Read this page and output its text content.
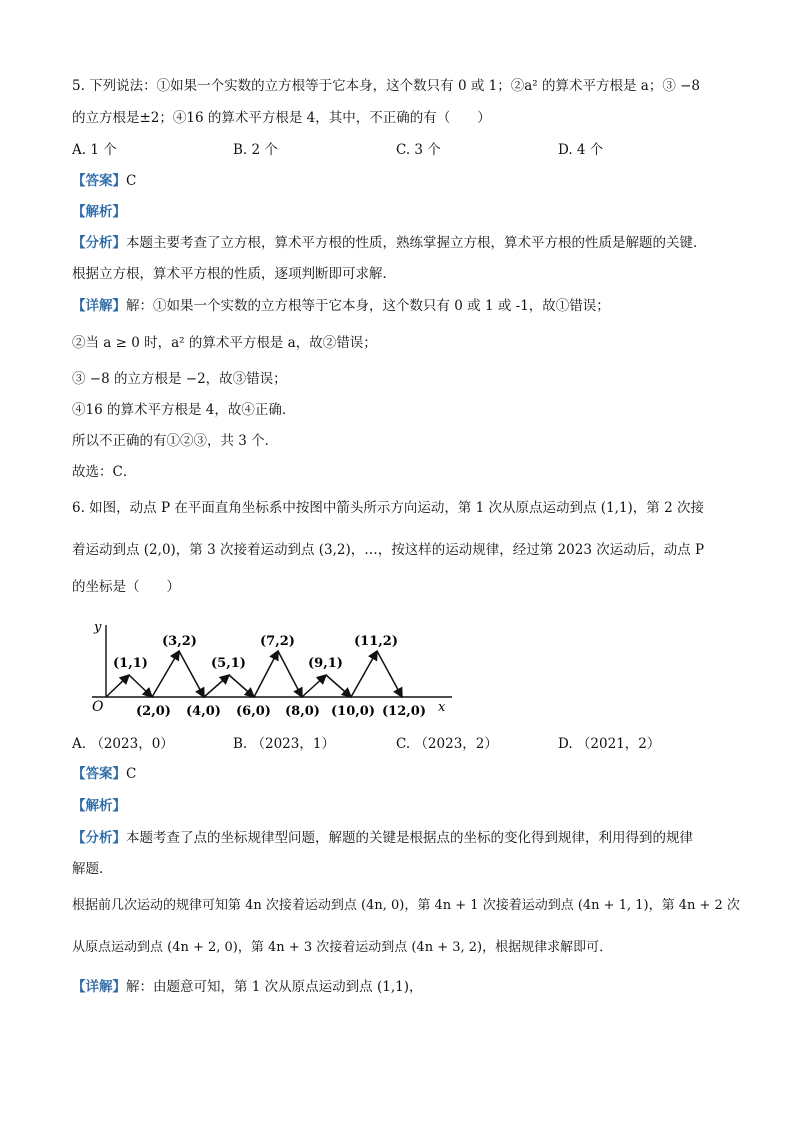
5. 下列说法：①如果一个实数的立方根等于它本身，这个数只有 0 或 1；②a² 的算术平方根是 a；③ −8
的立方根是±2；④16 的算术平方根是 4，其中，不正确的有（　　）
A. 1 个	B. 2 个	C. 3 个	D. 4 个
【答案】C
【解析】
【分析】本题主要考查了立方根，算术平方根的性质，熟练掌握立方根，算术平方根的性质是解题的关键．
根据立方根，算术平方根的性质，逐项判断即可求解．
【详解】解：①如果一个实数的立方根等于它本身，这个数只有 0 或 1 或 -1，故①错误；
②当 a ≥ 0 时，a² 的算术平方根是 a，故②错误；
③ −8 的立方根是 −2，故③错误；
④16 的算术平方根是 4，故④正确．
所以不正确的有①②③，共 3 个．
故选：C．
6. 如图，动点 P 在平面直角坐标系中按图中箭头所示方向运动，第 1 次从原点运动到点 (1,1)，第 2 次接
着运动到点 (2,0)，第 3 次接着运动到点 (3,2)，…，按这样的运动规律，经过第 2023 次运动后，动点 P
的坐标是（　　）
y
x
O
(1,1)
(3,2)
(5,1)
(7,2)
(9,1)
(11,2)
(2,0) (4,0) (6,0) (8,0) (10,0) (12,0)
A. （2023，0）	B. （2023，1）	C. （2023，2）	D. （2021，2）
【答案】C
【解析】
【分析】本题考查了点的坐标规律型问题，解题的关键是根据点的坐标的变化得到规律，利用得到的规律
解题．
根据前几次运动的规律可知第 4n 次接着运动到点 (4n, 0)，第 4n + 1 次接着运动到点 (4n + 1, 1)，第 4n + 2 次
从原点运动到点 (4n + 2, 0)，第 4n + 3 次接着运动到点 (4n + 3, 2)，根据规律求解即可．
【详解】解：由题意可知，第 1 次从原点运动到点 (1,1)，
